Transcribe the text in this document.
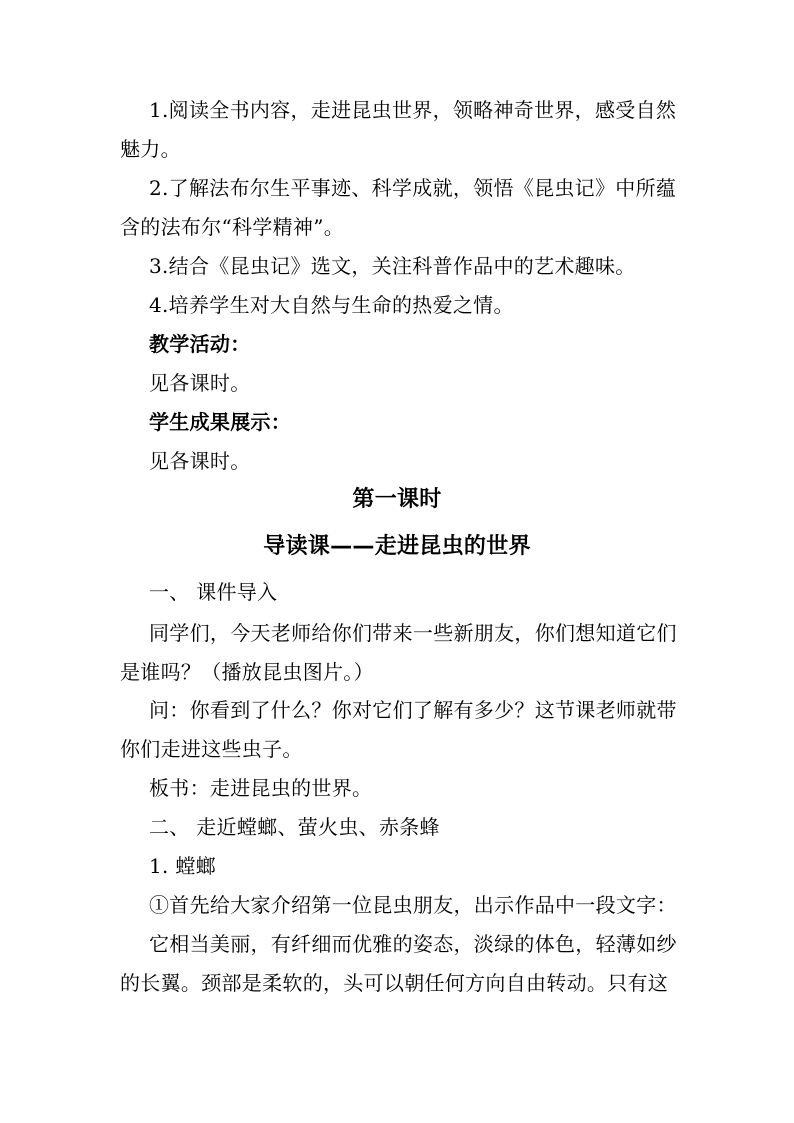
1.阅读全书内容，走进昆虫世界，领略神奇世界，感受自然
魅力。
2.了解法布尔生平事迹、科学成就，领悟《昆虫记》中所蕴
含的法布尔“科学精神”。
3.结合《昆虫记》选文，关注科普作品中的艺术趣味。
4.培养学生对大自然与生命的热爱之情。
教学活动：
见各课时。
学生成果展示：
见各课时。
第一课时
导读课——走进昆虫的世界
一、 课件导入
同学们，今天老师给你们带来一些新朋友，你们想知道它们
是谁吗？（播放昆虫图片。）
问：你看到了什么？你对它们了解有多少？这节课老师就带
你们走进这些虫子。
板书：走进昆虫的世界。
二、 走近螳螂、萤火虫、赤条蜂
1. 螳螂
①首先给大家介绍第一位昆虫朋友，出示作品中一段文字：
它相当美丽，有纤细而优雅的姿态，淡绿的体色，轻薄如纱
的长翼。颈部是柔软的，头可以朝任何方向自由转动。只有这
